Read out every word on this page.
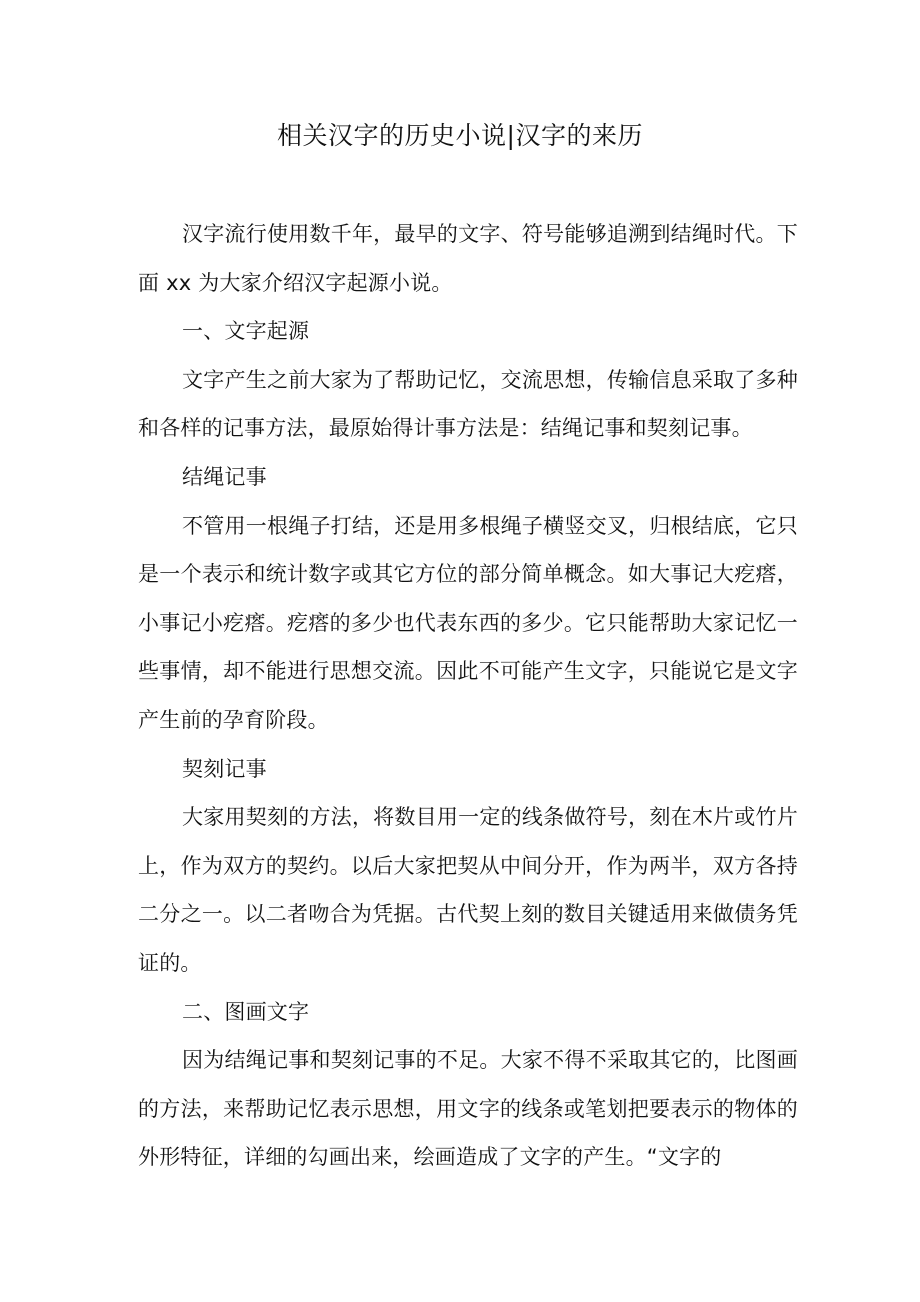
相关汉字的历史小说|汉字的来历

汉字流行使用数千年，最早的文字、符号能够追溯到结绳时代。下面 xx 为大家介绍汉字起源小说。

一、文字起源

文字产生之前大家为了帮助记忆，交流思想，传输信息采取了多种和各样的记事方法，最原始得计事方法是：结绳记事和契刻记事。

结绳记事

不管用一根绳子打结，还是用多根绳子横竖交叉，归根结底，它只是一个表示和统计数字或其它方位的部分简单概念。如大事记大疙瘩，小事记小疙瘩。疙瘩的多少也代表东西的多少。它只能帮助大家记忆一些事情，却不能进行思想交流。因此不可能产生文字，只能说它是文字产生前的孕育阶段。

契刻记事

大家用契刻的方法，将数目用一定的线条做符号，刻在木片或竹片上，作为双方的契约。以后大家把契从中间分开，作为两半，双方各持二分之一。以二者吻合为凭据。古代契上刻的数目关键适用来做债务凭证的。

二、图画文字

因为结绳记事和契刻记事的不足。大家不得不采取其它的，比图画的方法，来帮助记忆表示思想，用文字的线条或笔划把要表示的物体的外形特征，详细的勾画出来，绘画造成了文字的产生。“文字的
